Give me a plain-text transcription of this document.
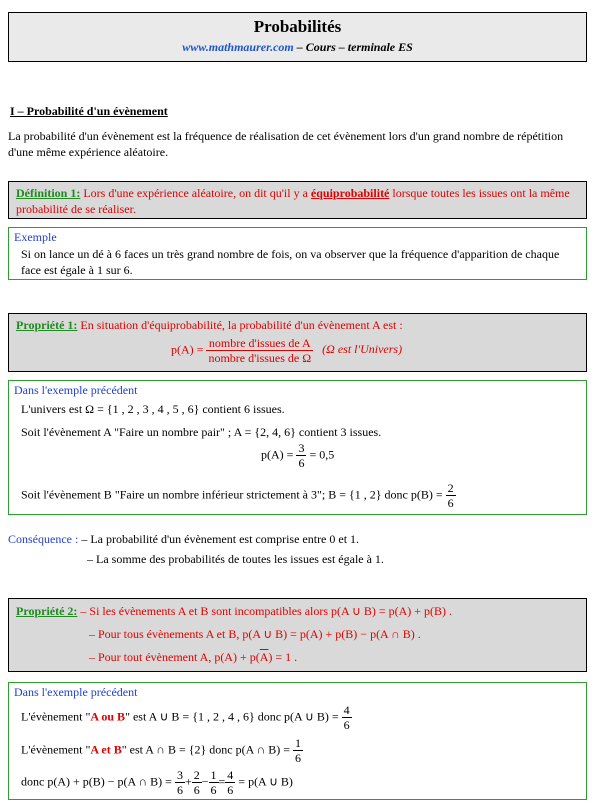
Probabilités
www.mathmaurer.com – Cours – terminale ES
I – Probabilité d'un évènement
La probabilité d'un évènement est la fréquence de réalisation de cet évènement lors d'un grand nombre de répétition d'une même expérience aléatoire.
Définition 1: Lors d'une expérience aléatoire, on dit qu'il y a équiprobabilité lorsque toutes les issues ont la même probabilité de se réaliser.
Exemple
Si on lance un dé à 6 faces un très grand nombre de fois, on va observer que la fréquence d'apparition de chaque face est égale à 1 sur 6.
Propriété 1: En situation d'équiprobabilité, la probabilité d'un évènement A est :
$p(A) = \frac{\text{nombre d'issues de A}}{\text{nombre d'issues de Ω}} (\Omega$ est l'Univers)
Dans l'exemple précédent
L'univers est Ω = {1 , 2 , 3 , 4 , 5 , 6} contient 6 issues.
Soit l'évènement A "Faire un nombre pair" ; A = {2, 4, 6} contient 3 issues.
$p(A) = \frac{3}{6} = 0,5$
Soit l'évènement B "Faire un nombre inférieur strictement à 3"; B = {1 , 2} donc $p(B) = \frac{2}{6}$
Conséquence : – La probabilité d'un évènement est comprise entre 0 et 1.
– La somme des probabilités de toutes les issues est égale à 1.
Propriété 2: – Si les évènements A et B sont incompatibles alors p(A ∪ B) = p(A) + p(B) .
– Pour tous évènements A et B, p(A ∪ B) = p(A) + p(B) − p(A ∩ B) .
– Pour tout évènement A, $p(A) + p(\overline{A}) = 1$ .
Dans l'exemple précédent
L'évènement "A ou B" est A ∪ B = {1 , 2 , 4 , 6} donc p(A ∪ $B) = \frac{4}{6}$
L'évènement "A et B" est A ∩ B = {2} donc p(A ∩ $B) = \frac{1}{6}$
donc p(A) + p(B) − p(A ∩ $B) = \frac{3}{6} + \frac{2}{6} - \frac{1}{6} = \frac{4}{6} = p(A$ ∪ B)
